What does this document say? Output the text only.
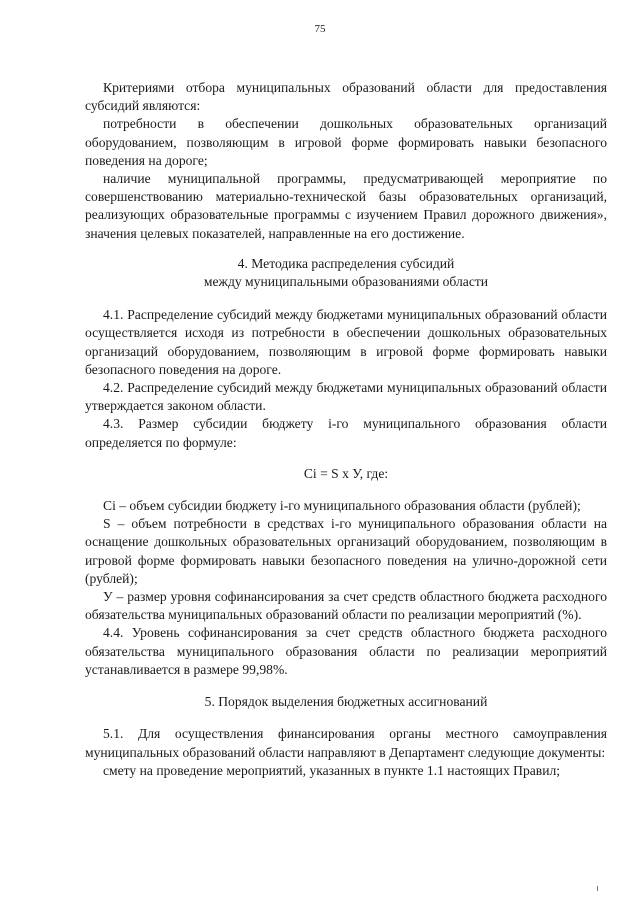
75

Критериями отбора муниципальных образований области для предоставления субсидий являются:

потребности в обеспечении дошкольных образовательных организаций оборудованием, позволяющим в игровой форме формировать навыки безопасного поведения на дороге;

наличие муниципальной программы, предусматривающей мероприятие по совершенствованию материально-технической базы образовательных организаций, реализующих образовательные программы с изучением Правил дорожного движения», значения целевых показателей, направленные на его достижение.

4. Методика распределения субсидий
между муниципальными образованиями области

4.1. Распределение субсидий между бюджетами муниципальных образований области осуществляется исходя из потребности в обеспечении дошкольных образовательных организаций оборудованием, позволяющим в игровой форме формировать навыки безопасного поведения на дороге.

4.2. Распределение субсидий между бюджетами муниципальных образований области утверждается законом области.

4.3. Размер субсидии бюджету i-го муниципального образования области определяется по формуле:

Ci = S x У, где:

Ci – объем субсидии бюджету i-го муниципального образования области (рублей);

S – объем потребности в средствах i-го муниципального образования области на оснащение дошкольных образовательных организаций оборудованием, позволяющим в игровой форме формировать навыки безопасного поведения на улично-дорожной сети (рублей);

У – размер уровня софинансирования за счет средств областного бюджета расходного обязательства муниципальных образований области по реализации мероприятий (%).

4.4. Уровень софинансирования за счет средств областного бюджета расходного обязательства муниципального образования области по реализации мероприятий устанавливается в размере 99,98%.

5. Порядок выделения бюджетных ассигнований

5.1. Для осуществления финансирования органы местного самоуправления муниципальных образований области направляют в Департамент следующие документы:

смету на проведение мероприятий, указанных в пункте 1.1 настоящих Правил;
